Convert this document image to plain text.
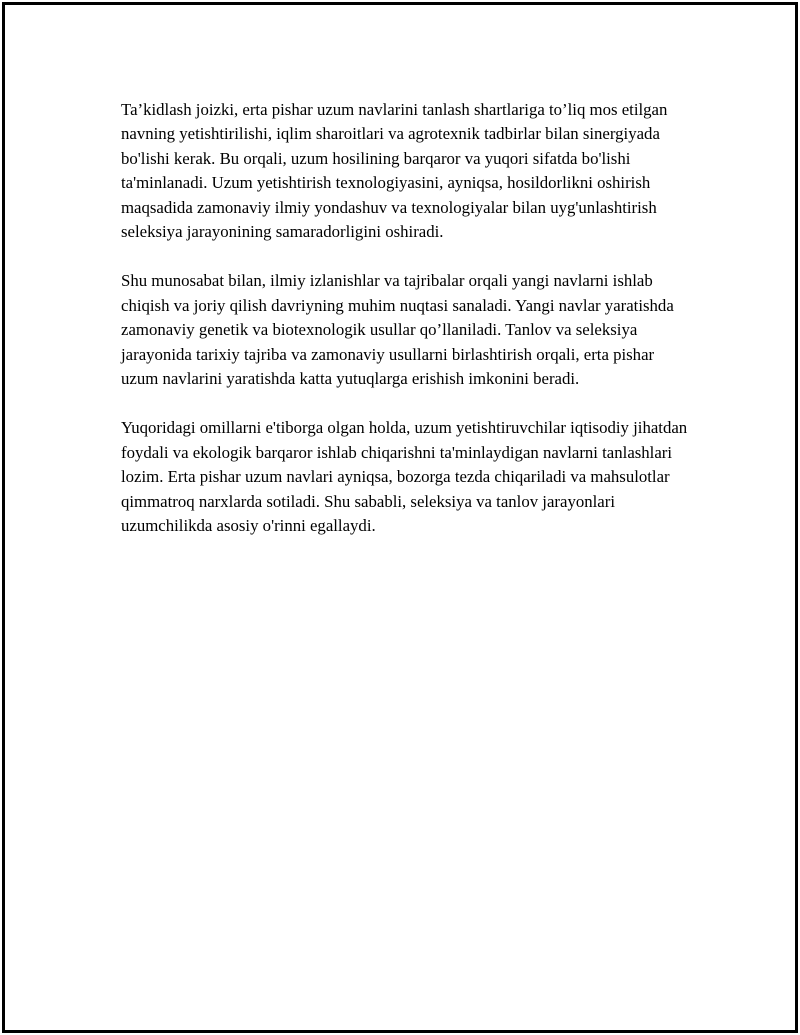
Ta’kidlash joizki, erta pishar uzum navlarini tanlash shartlariga to’liq mos etilgan navning yetishtirilishi, iqlim sharoitlari va agrotexnik tadbirlar bilan sinergiyada bo'lishi kerak. Bu orqali, uzum hosilining barqaror va yuqori sifatda bo'lishi ta'minlanadi. Uzum yetishtirish texnologiyasini, ayniqsa, hosildorlikni oshirish maqsadida zamonaviy ilmiy yondashuv va texnologiyalar bilan uyg'unlashtirish seleksiya jarayonining samaradorligini oshiradi.

Shu munosabat bilan, ilmiy izlanishlar va tajribalar orqali yangi navlarni ishlab chiqish va joriy qilish davriyning muhim nuqtasi sanaladi. Yangi navlar yaratishda zamonaviy genetik va biotexnologik usullar qo’llaniladi. Tanlov va seleksiya jarayonida tarixiy tajriba va zamonaviy usullarni birlashtirish orqali, erta pishar uzum navlarini yaratishda katta yutuqlarga erishish imkonini beradi.

Yuqoridagi omillarni e'tiborga olgan holda, uzum yetishtiruvchilar iqtisodiy jihatdan foydali va ekologik barqaror ishlab chiqarishni ta'minlaydigan navlarni tanlashlari lozim. Erta pishar uzum navlari ayniqsa, bozorga tezda chiqariladi va mahsulotlar qimmatroq narxlarda sotiladi. Shu sababli, seleksiya va tanlov jarayonlari uzumchilikda asosiy o'rinni egallaydi.
